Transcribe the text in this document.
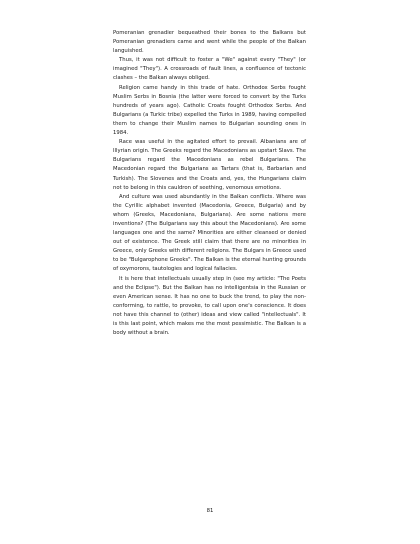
Pomeranian grenadier bequeathed their bones to the Balkans but Pomeranian grenadiers came and went while the people of the Balkan languished.

Thus, it was not difficult to foster a "We" against every "They" (or imagined "They"). A crossroads of fault lines, a confluence of tectonic clashes – the Balkan always obliged.

Religion came handy in this trade of hate. Orthodox Serbs fought Muslim Serbs in Bosnia (the latter were forced to convert by the Turks hundreds of years ago). Catholic Croats fought Orthodox Serbs. And Bulgarians (a Turkic tribe) expelled the Turks in 1989, having compelled them to change their Muslim names to Bulgarian sounding ones in 1984.

Race was useful in the agitated effort to prevail. Albanians are of Illyrian origin. The Greeks regard the Macedonians as upstart Slavs. The Bulgarians regard the Macedonians as rebel Bulgarians. The Macedonian regard the Bulgarians as Tartars (that is, Barbarian and Turkish). The Slovenes and the Croats and, yes, the Hungarians claim not to belong in this cauldron of seething, venomous emotions.

And culture was used abundantly in the Balkan conflicts. Where was the Cyrillic alphabet invented (Macedonia, Greece, Bulgaria) and by whom (Greeks, Macedonians, Bulgarians). Are some nations mere inventions? (The Bulgarians say this about the Macedonians). Are some languages one and the same? Minorities are either cleansed or denied out of existence. The Greek still claim that there are no minorities in Greece, only Greeks with different religions. The Bulgars in Greece used to be "Bulgarophone Greeks". The Balkan is the eternal hunting grounds of oxymorons, tautologies and logical fallacies.

It is here that intellectuals usually step in (see my article: "The Poets and the Eclipse"). But the Balkan has no intelligentsia in the Russian or even American sense. It has no one to buck the trend, to play the non-conforming, to rattle, to provoke, to call upon one's conscience. It does not have this channel to (other) ideas and view called "intellectuals". It is this last point, which makes me the most pessimistic. The Balkan is a body without a brain.

81
